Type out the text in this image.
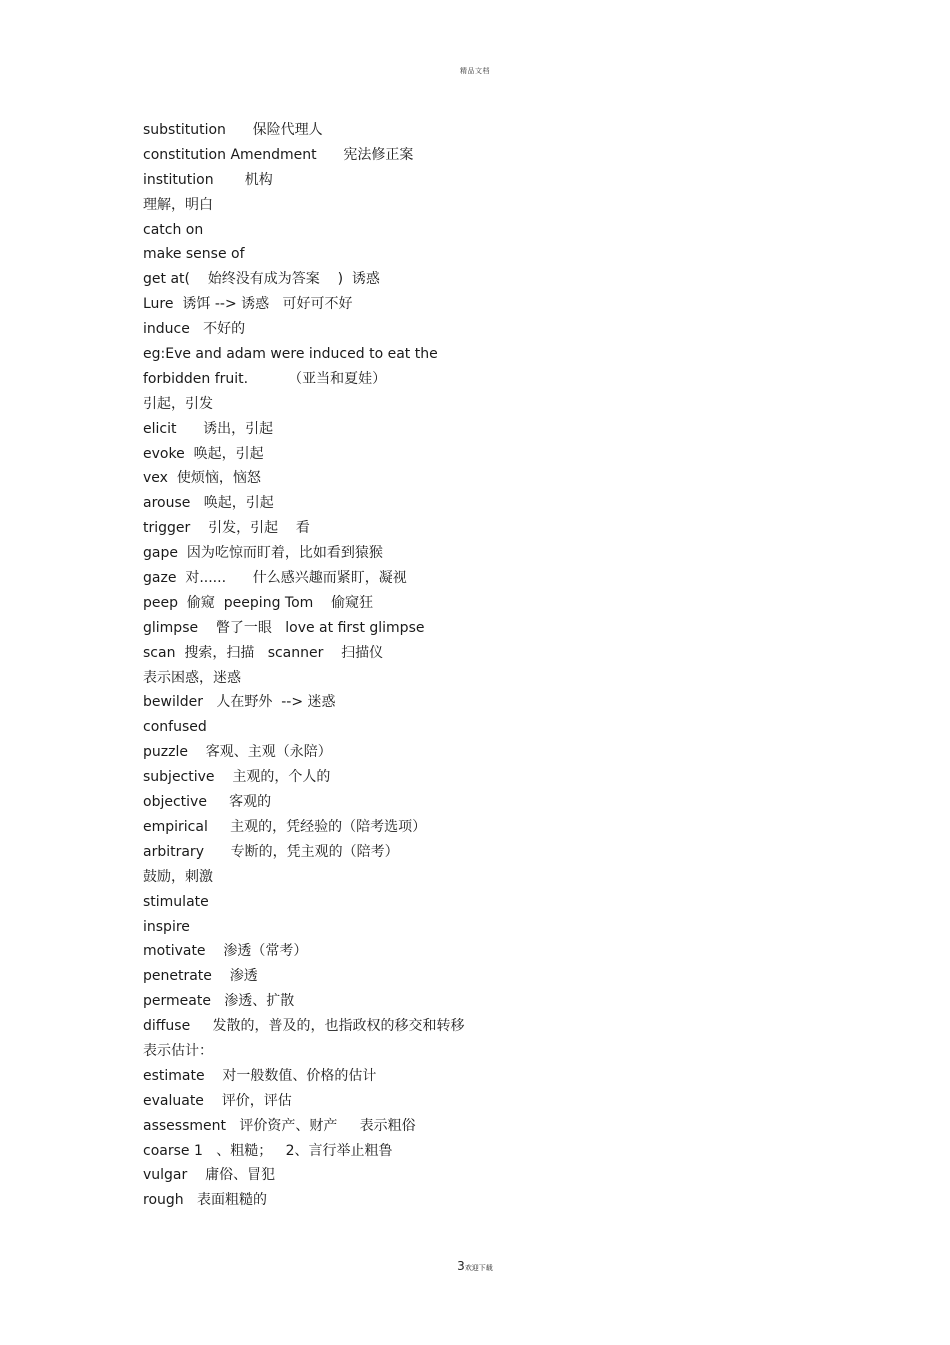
精品文档
substitution      保险代理人
constitution Amendment      宪法修正案
institution       机构
理解，明白
catch on
make sense of
get at(    始终没有成为答案    )  诱惑
Lure  诱饵 --> 诱惑   可好可不好
induce   不好的
eg:Eve and adam were induced to eat the
forbidden fruit.         （亚当和夏娃）
引起，引发
elicit      诱出，引起
evoke  唤起，引起
vex  使烦恼，恼怒
arouse   唤起，引起
trigger    引发，引起    看
gape  因为吃惊而盯着，比如看到猿猴
gaze  对......      什么感兴趣而紧盯，凝视
peep  偷窥  peeping Tom    偷窥狂
glimpse    瞥了一眼   love at first glimpse
scan  搜索，扫描   scanner    扫描仪
表示困惑，迷惑
bewilder   人在野外  --> 迷惑
confused
puzzle    客观、主观（永陪）
subjective    主观的，个人的
objective     客观的
empirical     主观的，凭经验的（陪考选项）
arbitrary      专断的，凭主观的（陪考）
鼓励，刺激
stimulate
inspire
motivate    渗透（常考）
penetrate    渗透
permeate   渗透、扩散
diffuse     发散的，普及的，也指政权的移交和转移
表示估计：
estimate    对一般数值、价格的估计
evaluate    评价，评估
assessment   评价资产、财产     表示粗俗
coarse 1   、粗糙；   2、言行举止粗鲁
vulgar    庸俗、冒犯
rough   表面粗糙的
3欢迎下载
